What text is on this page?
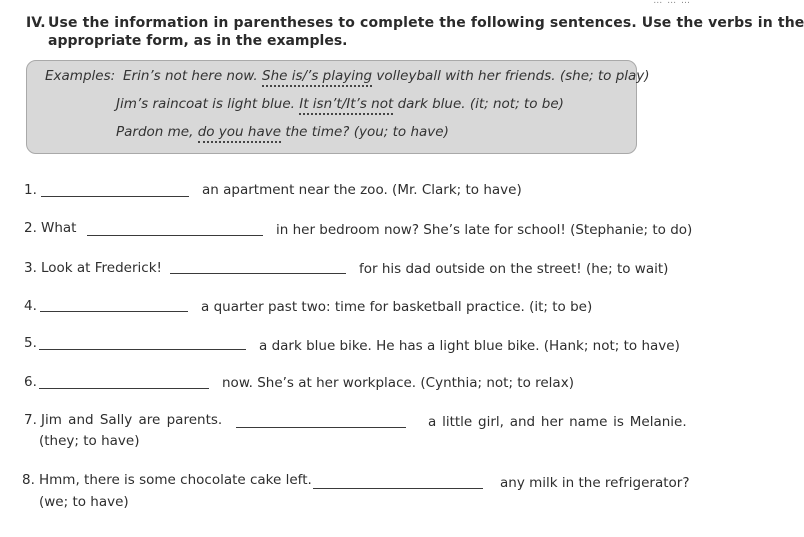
… … …
IV. Use the information in parentheses to complete the following sentences. Use the verbs in the
appropriate form, as in the examples.
Examples: Erin’s not here now. She is/’s playing volleyball with her friends. (she; to play)
Jim’s raincoat is light blue. It isn’t/It’s not dark blue. (it; not; to be)
Pardon me, do you have the time? (you; to have)
1.	an apartment near the zoo. (Mr. Clark; to have)
2. What	in her bedroom now? She’s late for school! (Stephanie; to do)
3. Look at Frederick!	for his dad outside on the street! (he; to wait)
4.	a quarter past two: time for basketball practice. (it; to be)
5.	a dark blue bike. He has a light blue bike. (Hank; not; to have)
6.	now. She’s at her workplace. (Cynthia; not; to relax)
7. Jim and Sally are parents.	a little girl, and her name is Melanie.
(they; to have)
8. Hmm, there is some chocolate cake left.	any milk in the refrigerator?
(we; to have)
